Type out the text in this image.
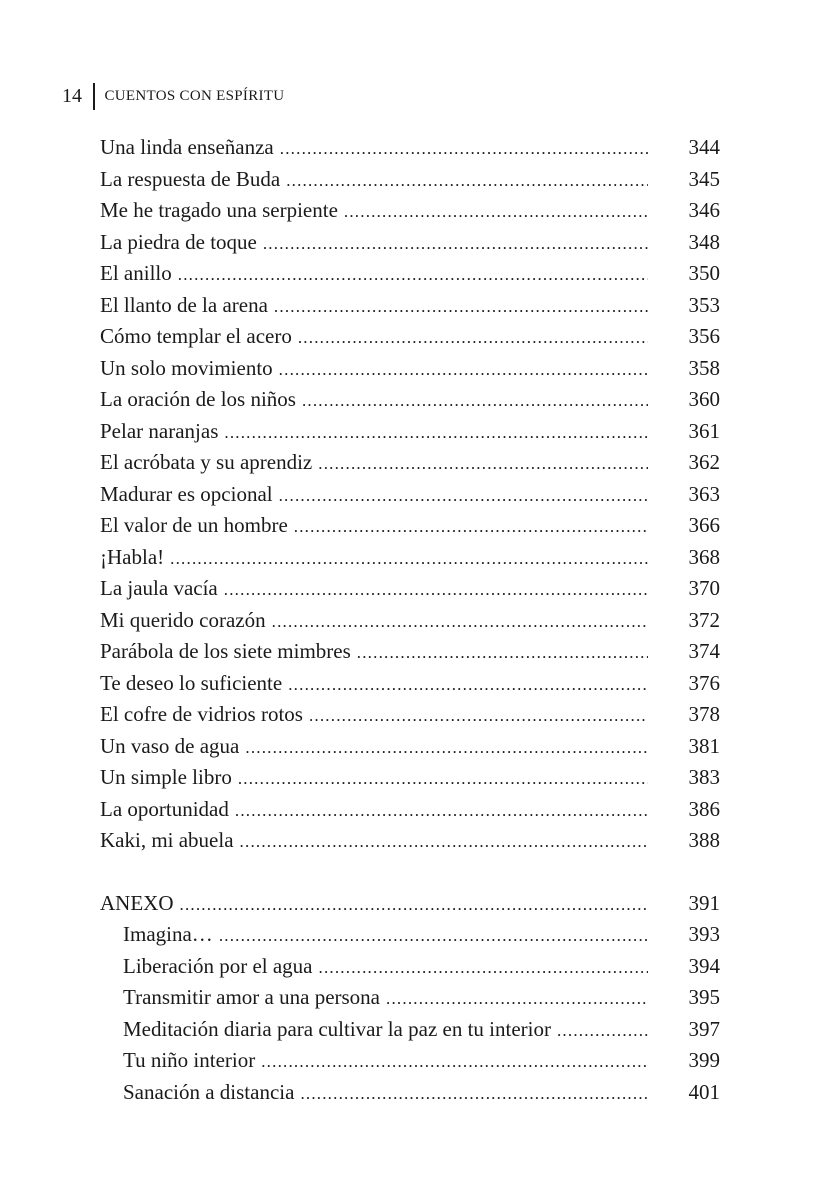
14 CUENTOS CON ESPÍRITU
Una linda enseñanza .....	344
La respuesta de Buda .....	345
Me he tragado una serpiente .....	346
La piedra de toque .....	348
El anillo .....	350
El llanto de la arena .....	353
Cómo templar el acero .....	356
Un solo movimiento .....	358
La oración de los niños .....	360
Pelar naranjas .....	361
El acróbata y su aprendiz .....	362
Madurar es opcional .....	363
El valor de un hombre .....	366
¡Habla! .....	368
La jaula vacía .....	370
Mi querido corazón .....	372
Parábola de los siete mimbres .....	374
Te deseo lo suficiente .....	376
El cofre de vidrios rotos .....	378
Un vaso de agua .....	381
Un simple libro .....	383
La oportunidad .....	386
Kaki, mi abuela .....	388
ANEXO .....	391
Imagina… .....	393
Liberación por el agua .....	394
Transmitir amor a una persona .....	395
Meditación diaria para cultivar la paz en tu interior .....	397
Tu niño interior .....	399
Sanación a distancia .....	401
